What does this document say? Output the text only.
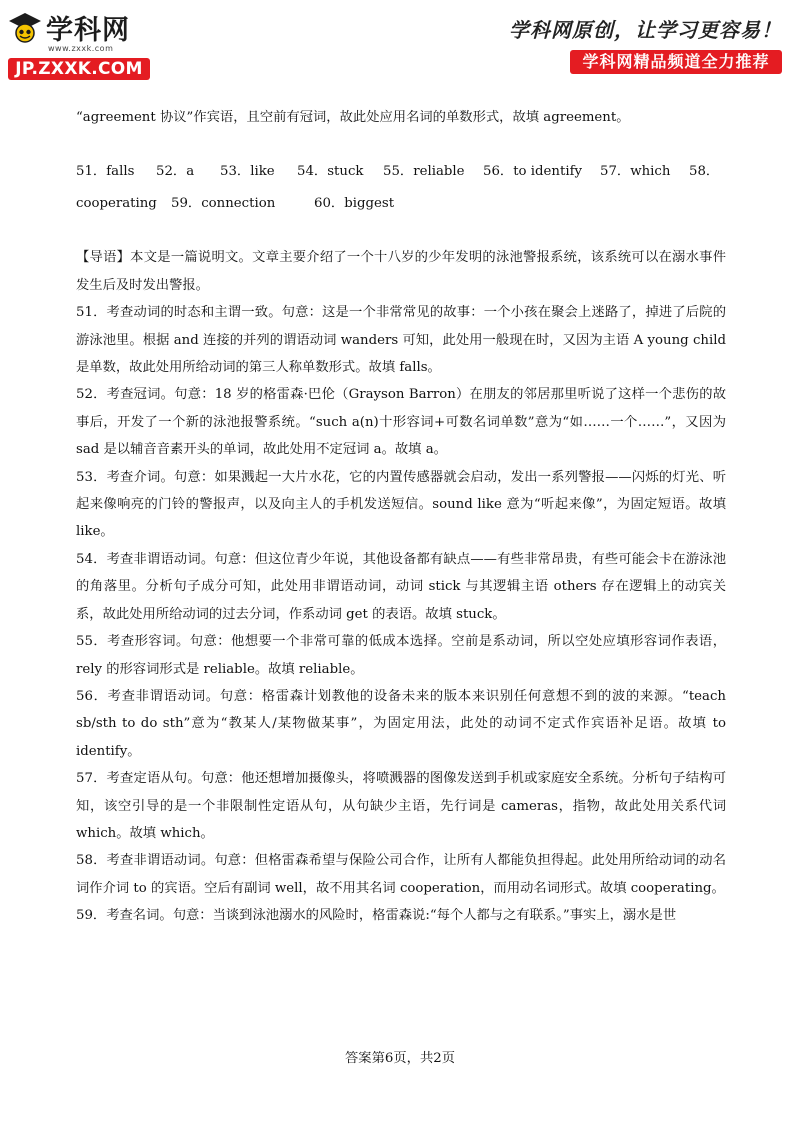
学科网
www.zxxk.com
JP.ZXXK.COM
学科网原创，让学习更容易！
学科网精品频道全力推荐

“agreement 协议”作宾语，且空前有冠词，故此处应用名词的单数形式，故填 agreement。

51．falls 52．a 53．like 54．stuck 55．reliable 56．to identify 57．which 58．
cooperating 59．connection	60．biggest

【导语】本文是一篇说明文。文章主要介绍了一个十八岁的少年发明的泳池警报系统，该系统可以在溺水事件发生后及时发出警报。

51．考查动词的时态和主谓一致。句意：这是一个非常常见的故事：一个小孩在聚会上迷路了，掉进了后院的游泳池里。根据 and 连接的并列的谓语动词 wanders 可知，此处用一般现在时，又因为主语 A young child 是单数，故此处用所给动词的第三人称单数形式。故填 falls。

52．考查冠词。句意：18 岁的格雷森·巴伦（Grayson Barron）在朋友的邻居那里听说了这样一个悲伤的故事后，开发了一个新的泳池报警系统。“such a(n)十形容词+可数名词单数”意为“如……一个……”，又因为 sad 是以辅音音素开头的单词，故此处用不定冠词 a。故填 a。

53．考查介词。句意：如果溅起一大片水花，它的内置传感器就会启动，发出一系列警报——闪烁的灯光、听起来像响亮的门铃的警报声，以及向主人的手机发送短信。sound like 意为“听起来像”，为固定短语。故填 like。

54．考查非谓语动词。句意：但这位青少年说，其他设备都有缺点——有些非常昂贵，有些可能会卡在游泳池的角落里。分析句子成分可知，此处用非谓语动词，动词 stick 与其逻辑主语 others 存在逻辑上的动宾关系，故此处用所给动词的过去分词，作系动词 get 的表语。故填 stuck。

55．考查形容词。句意：他想要一个非常可靠的低成本选择。空前是系动词，所以空处应填形容词作表语，rely 的形容词形式是 reliable。故填 reliable。

56．考查非谓语动词。句意：格雷森计划教他的设备未来的版本来识别任何意想不到的波的来源。“teach sb/sth to do sth”意为“教某人/某物做某事”，为固定用法，此处的动词不定式作宾语补足语。故填 to identify。

57．考查定语从句。句意：他还想增加摄像头，将喷溅器的图像发送到手机或家庭安全系统。分析句子结构可知，该空引导的是一个非限制性定语从句，从句缺少主语，先行词是 cameras，指物，故此处用关系代词 which。故填 which。

58．考查非谓语动词。句意：但格雷森希望与保险公司合作，让所有人都能负担得起。此处用所给动词的动名词作介词 to 的宾语。空后有副词 well，故不用其名词 cooperation，而用动名词形式。故填 cooperating。

59．考查名词。句意：当谈到泳池溺水的风险时，格雷森说:“每个人都与之有联系。”事实上，溺水是世

答案第6页，共2页
